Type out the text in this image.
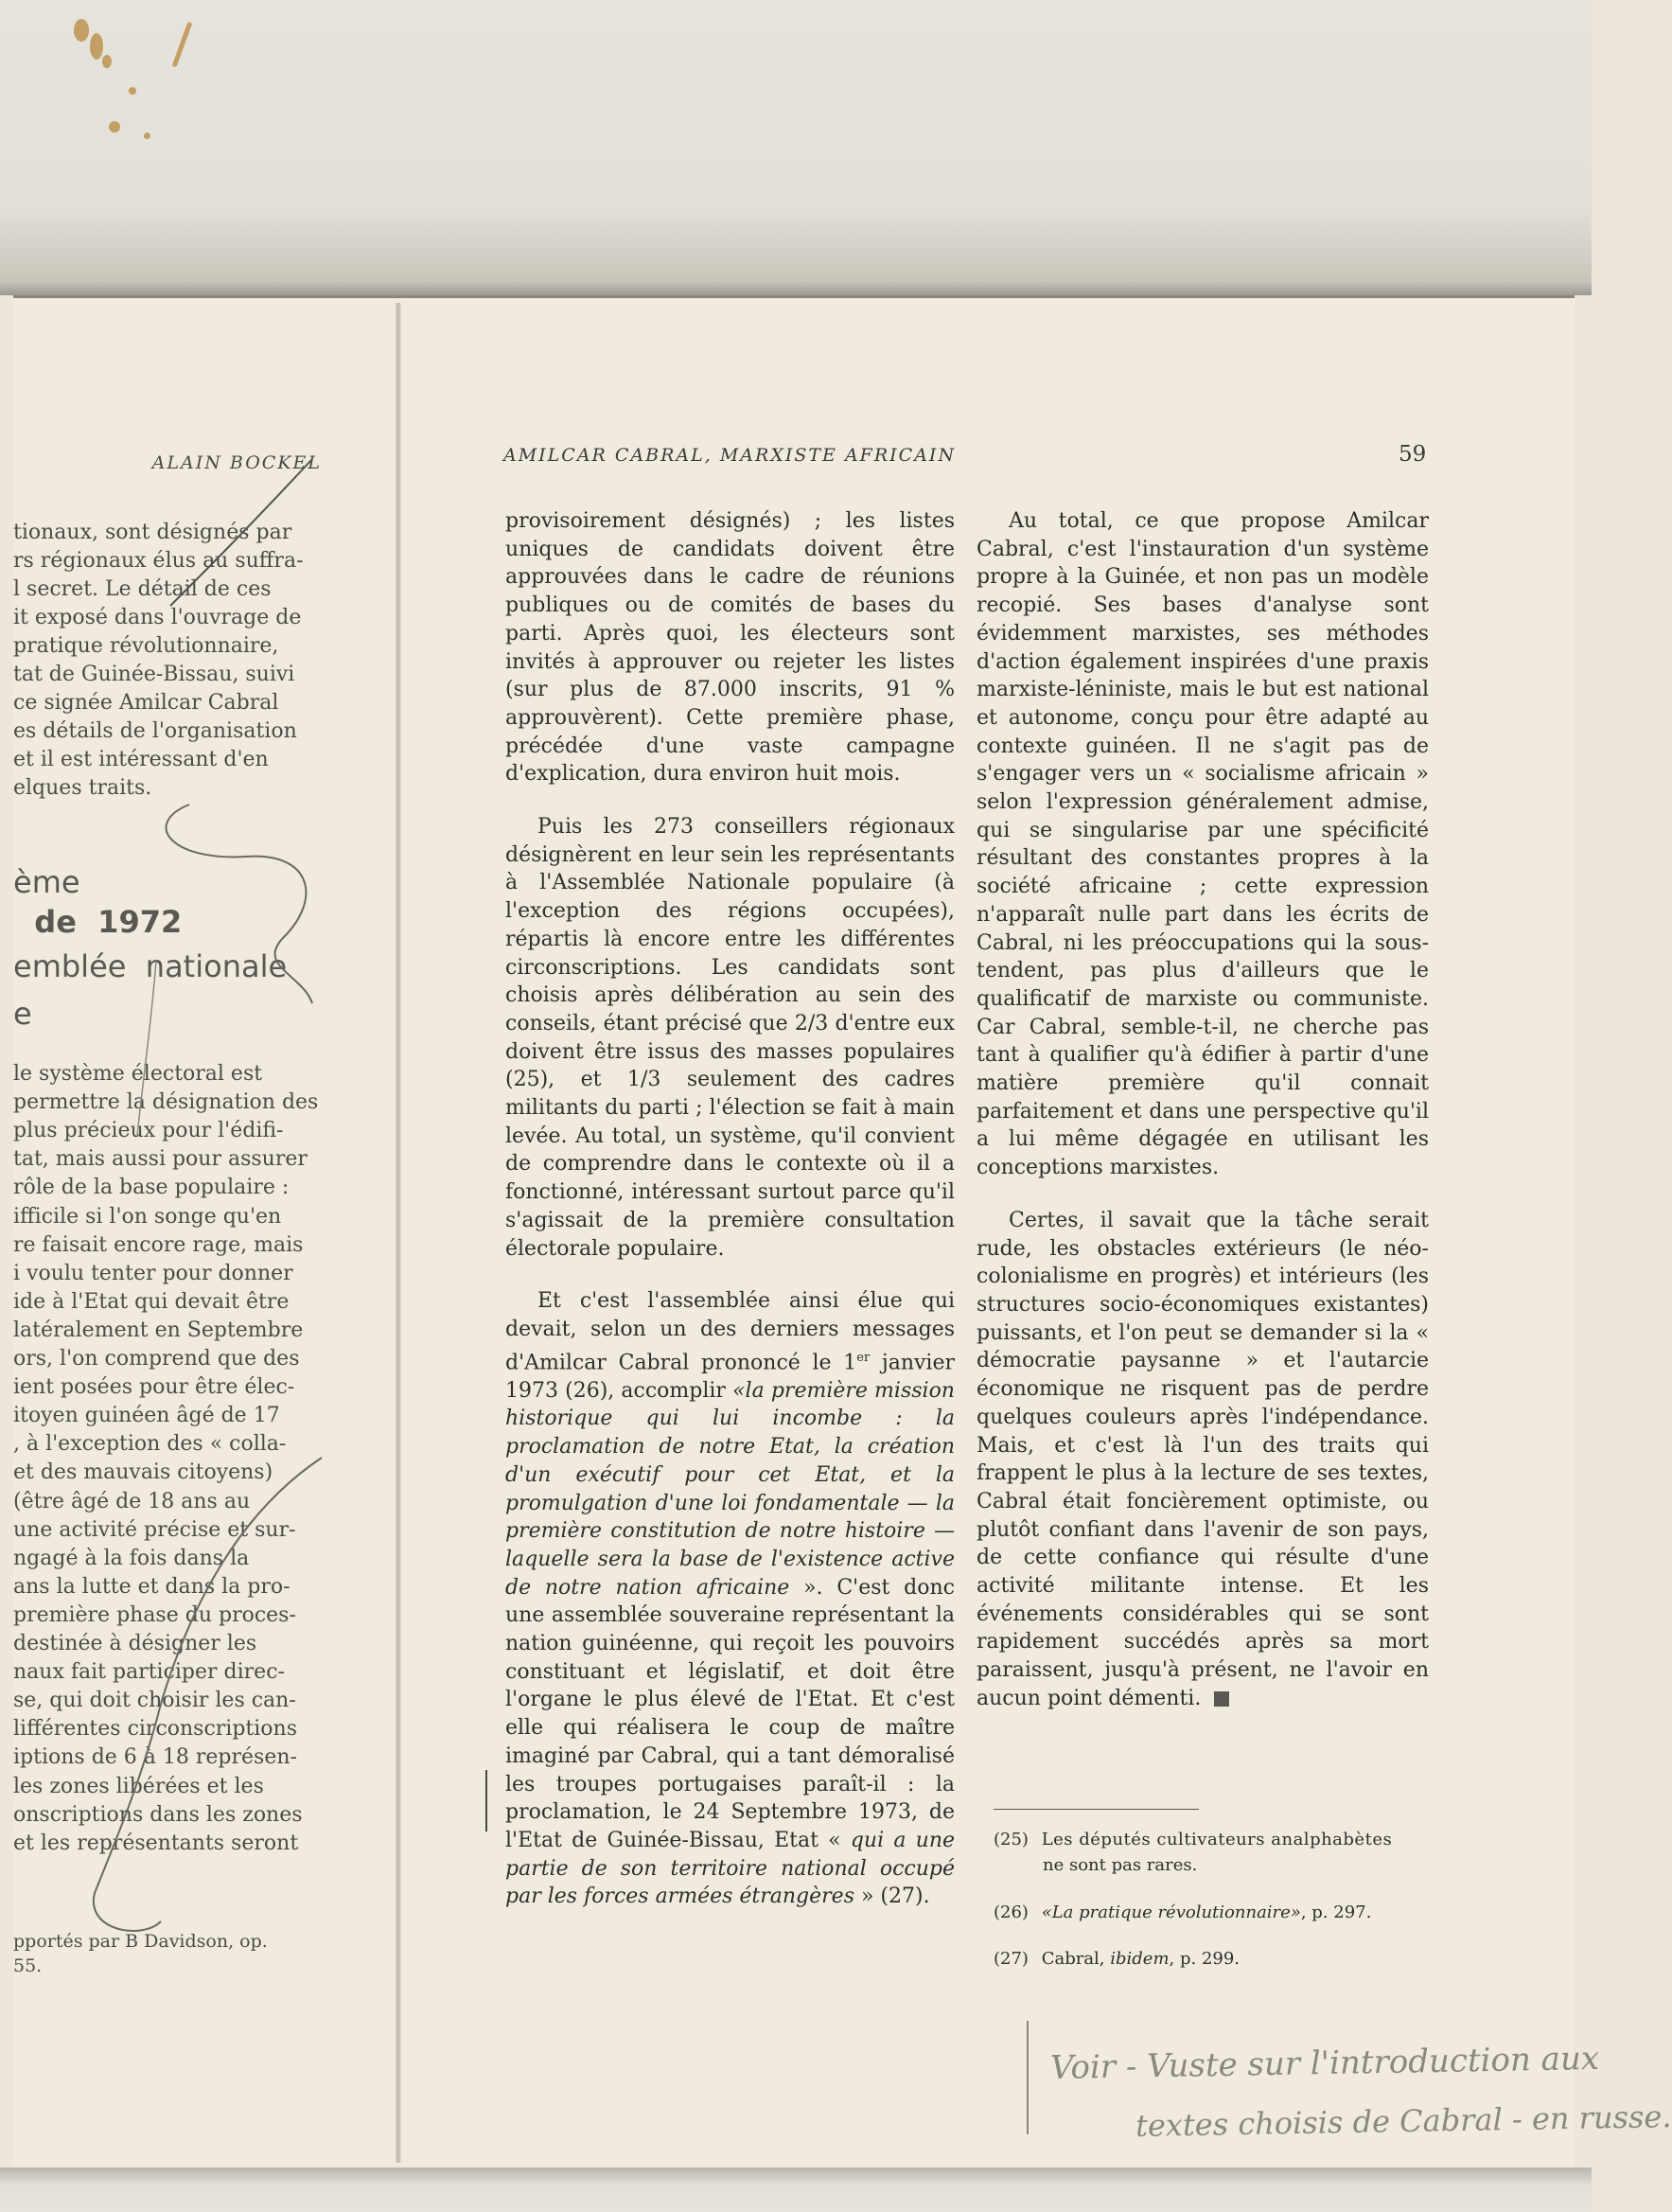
ALAIN BOCKEL
tionaux, sont désignés par
rs régionaux élus au suffra-
l secret. Le détail de ces
it exposé dans l'ouvrage de
pratique révolutionnaire,
tat de Guinée-Bissau, suivi
ce signée Amilcar Cabral
es détails de l'organisation
et il est intéressant d'en
elques traits.
ème
de  1972
emblée  nationale
e
le système électoral est
permettre la désignation des
plus précieux pour l'édifi-
tat, mais aussi pour assurer
rôle de la base populaire :
ifficile si l'on songe qu'en
re faisait encore rage, mais
i voulu tenter pour donner
ide à l'Etat qui devait être
latéralement en Septembre
ors, l'on comprend que des
ient posées pour être élec-
itoyen guinéen âgé de 17
, à l'exception des « colla-
et des mauvais citoyens)
(être âgé de 18 ans au
une activité précise et sur-
ngagé à la fois dans la
ans la lutte et dans la pro-
première phase du proces-
destinée à désigner les
naux fait participer direc-
se, qui doit choisir les can-
lifférentes circonscriptions
iptions de 6 à 18 représen-
les zones libérées et les
onscriptions dans les zones
et les représentants seront
pportés par B Davidson, op.
55.
AMILCAR CABRAL, MARXISTE AFRICAIN	59

provisoirement désignés) ; les listes uniques de candidats doivent être approuvées dans le cadre de réunions publiques ou de comités de bases du parti. Après quoi, les électeurs sont invités à approuver ou rejeter les listes (sur plus de 87.000 inscrits, 91 % approuvèrent). Cette première phase, précédée d'une vaste campagne d'explication, dura environ huit mois.

Puis les 273 conseillers régionaux désignèrent en leur sein les représentants à l'Assemblée Nationale populaire (à l'exception des régions occupées), répartis là encore entre les différentes circonscriptions. Les candidats sont choisis après délibération au sein des conseils, étant précisé que 2/3 d'entre eux doivent être issus des masses populaires (25), et 1/3 seulement des cadres militants du parti ; l'élection se fait à main levée. Au total, un système, qu'il convient de comprendre dans le contexte où il a fonctionné, intéressant surtout parce qu'il s'agissait de la première consultation électorale populaire.

Et c'est l'assemblée ainsi élue qui devait, selon un des derniers messages d'Amilcar Cabral prononcé le 1er janvier 1973 (26), accomplir «la première mission historique qui lui incombe : la proclamation de notre Etat, la création d'un exécutif pour cet Etat, et la promulgation d'une loi fondamentale — la première constitution de notre histoire — laquelle sera la base de l'existence active de notre nation africaine ». C'est donc une assemblée souveraine représentant la nation guinéenne, qui reçoit les pouvoirs constituant et législatif, et doit être l'organe le plus élevé de l'Etat. Et c'est elle qui réalisera le coup de maître imaginé par Cabral, qui a tant démoralisé les troupes portugaises paraît-il : la proclamation, le 24 Septembre 1973, de l'Etat de Guinée-Bissau, Etat « qui a une partie de son territoire national occupé par les forces armées étrangères » (27).

Au total, ce que propose Amilcar Cabral, c'est l'instauration d'un système propre à la Guinée, et non pas un modèle recopié. Ses bases d'analyse sont évidemment marxistes, ses méthodes d'action également inspirées d'une praxis marxiste-léniniste, mais le but est national et autonome, conçu pour être adapté au contexte guinéen. Il ne s'agit pas de s'engager vers un « socialisme africain » selon l'expression généralement admise, qui se singularise par une spécificité résultant des constantes propres à la société africaine ; cette expression n'apparaît nulle part dans les écrits de Cabral, ni les préoccupations qui la sous-tendent, pas plus d'ailleurs que le qualificatif de marxiste ou communiste. Car Cabral, semble-t-il, ne cherche pas tant à qualifier qu'à édifier à partir d'une matière première qu'il connait parfaitement et dans une perspective qu'il a lui même dégagée en utilisant les conceptions marxistes.

Certes, il savait que la tâche serait rude, les obstacles extérieurs (le néo-colonialisme en progrès) et intérieurs (les structures socio-économiques existantes) puissants, et l'on peut se demander si la « démocratie paysanne » et l'autarcie économique ne risquent pas de perdre quelques couleurs après l'indépendance. Mais, et c'est là l'un des traits qui frappent le plus à la lecture de ses textes, Cabral était foncièrement optimiste, ou plutôt confiant dans l'avenir de son pays, de cette confiance qui résulte d'une activité militante intense. Et les événements considérables qui se sont rapidement succédés après sa mort paraissent, jusqu'à présent, ne l'avoir en aucun point démenti.

(25) Les députés cultivateurs analphabètes
ne sont pas rares.
(26) «La pratique révolutionnaire», p. 297.
(27) Cabral, ibidem, p. 299.
Voir - Vuste sur l'introduction aux
textes choisis de Cabral - en russe.
